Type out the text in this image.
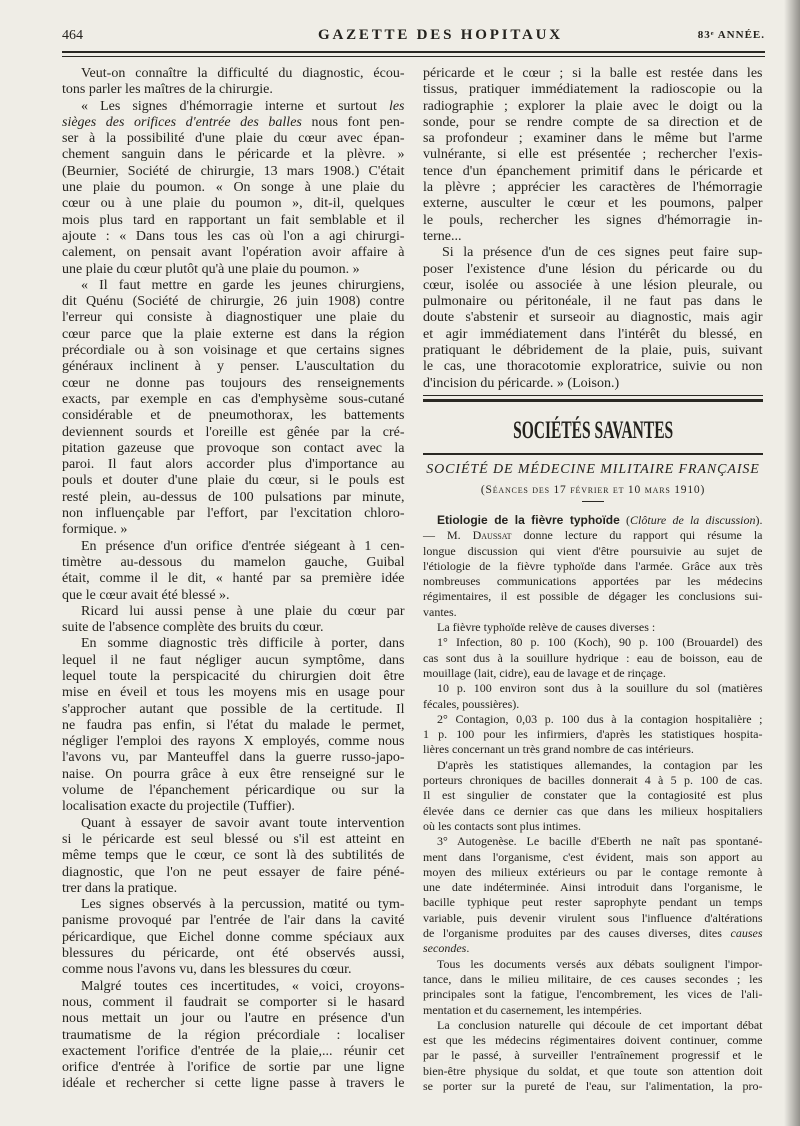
464	GAZETTE DES HOPITAUX	83ᵉ ANNÉE.
Veut-on connaître la difficulté du diagnostic, écou-
tons parler les maîtres de la chirurgie.
« Les signes d'hémorragie interne et surtout les
sièges des orifices d'entrée des balles nous font pen-
ser à la possibilité d'une plaie du cœur avec épan-
chement sanguin dans le péricarde et la plèvre. »
(Beurnier, Société de chirurgie, 13 mars 1908.) C'était
une plaie du poumon. « On songe à une plaie du
cœur ou à une plaie du poumon », dit-il, quelques
mois plus tard en rapportant un fait semblable et il
ajoute : « Dans tous les cas où l'on a agi chirurgi-
calement, on pensait avant l'opération avoir affaire à
une plaie du cœur plutôt qu'à une plaie du poumon. »
« Il faut mettre en garde les jeunes chirurgiens,
dit Quénu (Société de chirurgie, 26 juin 1908) contre
l'erreur qui consiste à diagnostiquer une plaie du
cœur parce que la plaie externe est dans la région
précordiale ou à son voisinage et que certains signes
généraux inclinent à y penser. L'auscultation du
cœur ne donne pas toujours des renseignements
exacts, par exemple en cas d'emphysème sous-cutané
considérable et de pneumothorax, les battements
deviennent sourds et l'oreille est gênée par la cré-
pitation gazeuse que provoque son contact avec la
paroi. Il faut alors accorder plus d'importance au
pouls et douter d'une plaie du cœur, si le pouls est
resté plein, au-dessus de 100 pulsations par minute,
non influençable par l'effort, par l'excitation chloro-
formique. »
En présence d'un orifice d'entrée siégeant à 1 cen-
timètre au-dessous du mamelon gauche, Guibal
était, comme il le dit, « hanté par sa première idée
que le cœur avait été blessé ».
Ricard lui aussi pense à une plaie du cœur par
suite de l'absence complète des bruits du cœur.
En somme diagnostic très difficile à porter, dans
lequel il ne faut négliger aucun symptôme, dans
lequel toute la perspicacité du chirurgien doit être
mise en éveil et tous les moyens mis en usage pour
s'approcher autant que possible de la certitude. Il
ne faudra pas enfin, si l'état du malade le permet,
négliger l'emploi des rayons X employés, comme nous
l'avons vu, par Manteuffel dans la guerre russo-japo-
naise. On pourra grâce à eux être renseigné sur le
volume de l'épanchement péricardique ou sur la
localisation exacte du projectile (Tuffier).
Quant à essayer de savoir avant toute intervention
si le péricarde est seul blessé ou s'il est atteint en
même temps que le cœur, ce sont là des subtilités de
diagnostic, que l'on ne peut essayer de faire péné-
trer dans la pratique.
Les signes observés à la percussion, matité ou tym-
panisme provoqué par l'entrée de l'air dans la cavité
péricardique, que Eichel donne comme spéciaux aux
blessures du péricarde, ont été observés aussi,
comme nous l'avons vu, dans les blessures du cœur.
Malgré toutes ces incertitudes, « voici, croyons-
nous, comment il faudrait se comporter si le hasard
nous mettait un jour ou l'autre en présence d'un
traumatisme de la région précordiale : localiser
exactement l'orifice d'entrée de la plaie,... réunir cet
orifice d'entrée à l'orifice de sortie par une ligne
idéale et rechercher si cette ligne passe à travers le
péricarde et le cœur ; si la balle est restée dans les
tissus, pratiquer immédiatement la radioscopie ou la
radiographie ; explorer la plaie avec le doigt ou la
sonde, pour se rendre compte de sa direction et de
sa profondeur ; examiner dans le même but l'arme
vulnérante, si elle est présentée ; rechercher l'exis-
tence d'un épanchement primitif dans le péricarde et
la plèvre ; apprécier les caractères de l'hémorragie
externe, ausculter le cœur et les poumons, palper
le pouls, rechercher les signes d'hémorragie in-
terne...
Si la présence d'un de ces signes peut faire sup-
poser l'existence d'une lésion du péricarde ou du
cœur, isolée ou associée à une lésion pleurale, ou
pulmonaire ou péritonéale, il ne faut pas dans le
doute s'abstenir et surseoir au diagnostic, mais agir
et agir immédiatement dans l'intérêt du blessé, en
pratiquant le débridement de la plaie, puis, suivant
le cas, une thoracotomie exploratrice, suivie ou non
d'incision du péricarde. » (Loison.)
SOCIÉTÉS SAVANTES
SOCIÉTÉ DE MÉDECINE MILITAIRE FRANÇAISE
(Séances des 17 février et 10 mars 1910)
Etiologie de la fièvre typhoïde (Clôture de la discussion).
— M. Daussat donne lecture du rapport qui résume la
longue discussion qui vient d'être poursuivie au sujet de
l'étiologie de la fièvre typhoïde dans l'armée. Grâce aux très
nombreuses communications apportées par les médecins
régimentaires, il est possible de dégager les conclusions sui-
vantes.
La fièvre typhoïde relève de causes diverses :
1° Infection, 80 p. 100 (Koch), 90 p. 100 (Brouardel) des
cas sont dus à la souillure hydrique : eau de boisson, eau de
mouillage (lait, cidre), eau de lavage et de rinçage.
10 p. 100 environ sont dus à la souillure du sol (matières
fécales, poussières).
2° Contagion, 0,03 p. 100 dus à la contagion hospitalière ;
1 p. 100 pour les infirmiers, d'après les statistiques hospita-
lières concernant un très grand nombre de cas intérieurs.
D'après les statistiques allemandes, la contagion par les
porteurs chroniques de bacilles donnerait 4 à 5 p. 100 de cas.
Il est singulier de constater que la contagiosité est plus
élevée dans ce dernier cas que dans les milieux hospitaliers
où les contacts sont plus intimes.
3° Autogenèse. Le bacille d'Eberth ne naît pas spontané-
ment dans l'organisme, c'est évident, mais son apport au
moyen des milieux extérieurs ou par le contage remonte à
une date indéterminée. Ainsi introduit dans l'organisme, le
bacille typhique peut rester saprophyte pendant un temps
variable, puis devenir virulent sous l'influence d'altérations
de l'organisme produites par des causes diverses, dites causes
secondes.
Tous les documents versés aux débats soulignent l'impor-
tance, dans le milieu militaire, de ces causes secondes ; les
principales sont la fatigue, l'encombrement, les vices de l'ali-
mentation et du casernement, les intempéries.
La conclusion naturelle qui découle de cet important débat
est que les médecins régimentaires doivent continuer, comme
par le passé, à surveiller l'entraînement progressif et le
bien-être physique du soldat, et que toute son attention doit
se porter sur la pureté de l'eau, sur l'alimentation, la pro-
